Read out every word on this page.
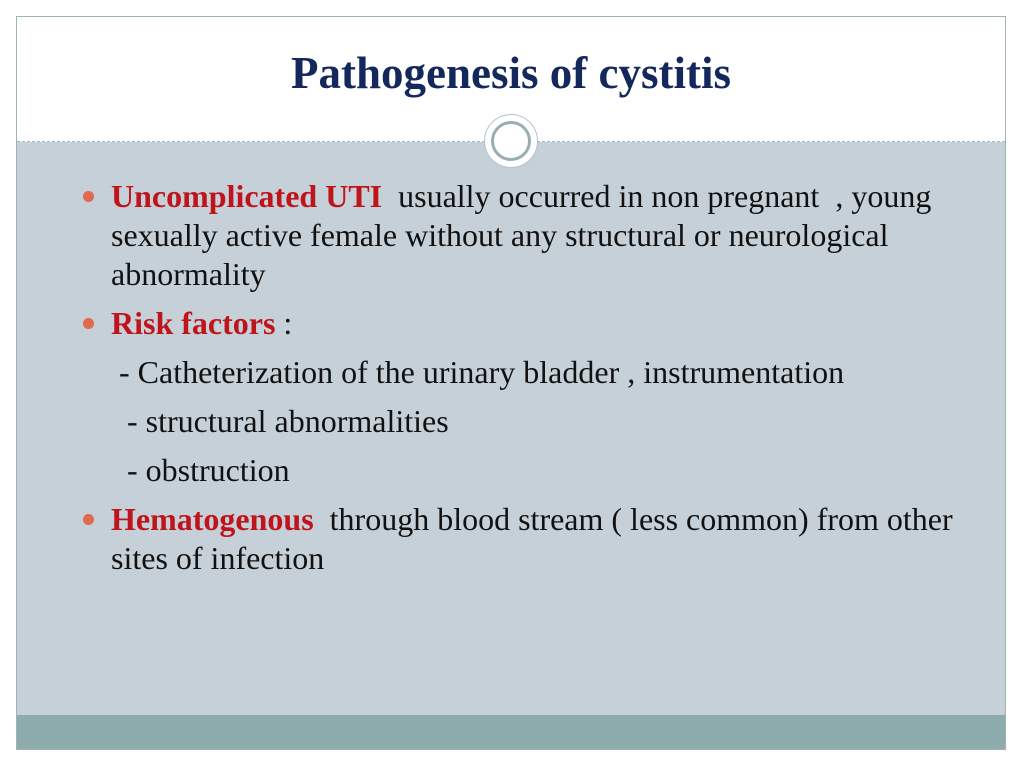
Pathogenesis of cystitis
Uncomplicated UTI  usually occurred in non pregnant  , young sexually active female without any structural or neurological abnormality
Risk factors :
- Catheterization of the urinary bladder , instrumentation
- structural abnormalities
- obstruction
Hematogenous  through blood stream ( less common) from other sites of infection
